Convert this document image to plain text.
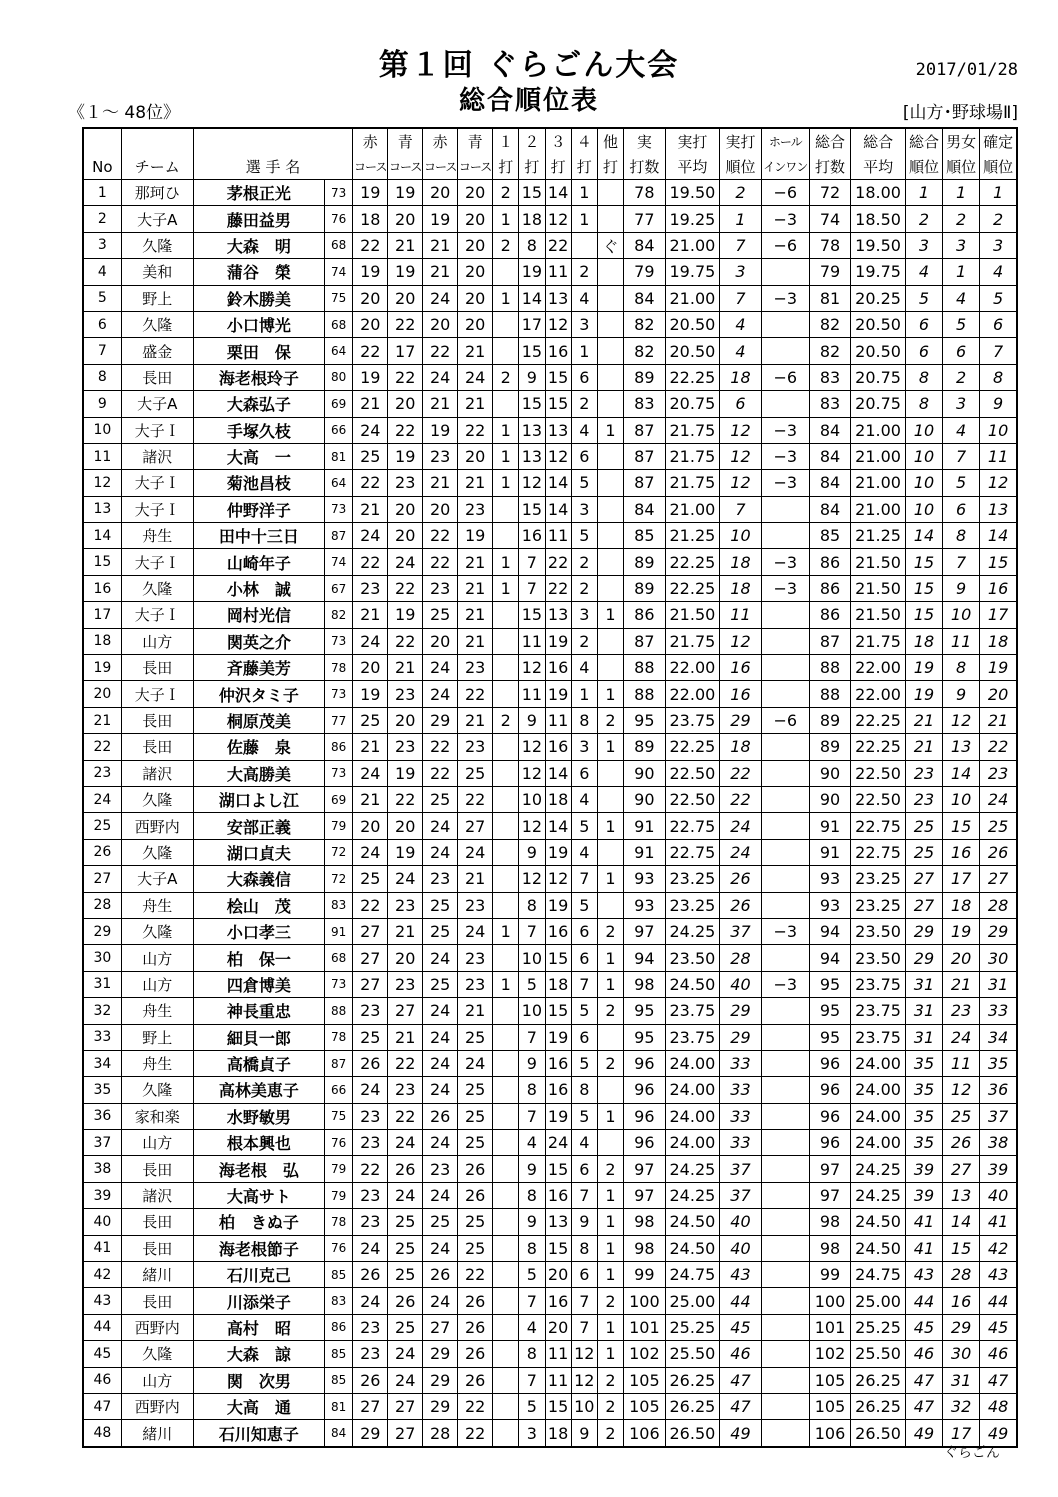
第１回 ぐらごん大会
総合順位表
2017/01/28
《１～ 48位》	[山方･野球場Ⅱ]
				赤	青	赤	青	１	２	３	４	他	実	実打	実打	ホール	総合	総合	総合	男女	確定
No	チーム	選 手 名		コース	コース	コース	コース	打	打	打	打	打	打数	平均	順位	インワン	打数	平均	順位	順位	順位
1	那珂ひ	茅根正光	73	19	19	20	20	2	15	14	1		78	19.50	2	−6	72	18.00	1	1	1
2	大子A	藤田益男	76	18	20	19	20	1	18	12	1		77	19.25	1	−3	74	18.50	2	2	2
3	久隆	大森　明	68	22	21	21	20	2	8	22		ぐ	84	21.00	7	−6	78	19.50	3	3	3
4	美和	蒲谷　榮	74	19	19	21	20		19	11	2		79	19.75	3		79	19.75	4	1	4
5	野上	鈴木勝美	75	20	20	24	20	1	14	13	4		84	21.00	7	−3	81	20.25	5	4	5
6	久隆	小口博光	68	20	22	20	20		17	12	3		82	20.50	4		82	20.50	6	5	6
7	盛金	栗田　保	64	22	17	22	21		15	16	1		82	20.50	4		82	20.50	6	6	7
8	長田	海老根玲子	80	19	22	24	24	2	9	15	6		89	22.25	18	−6	83	20.75	8	2	8
9	大子A	大森弘子	69	21	20	21	21		15	15	2		83	20.75	6		83	20.75	8	3	9
10	大子Ｉ	手塚久枝	66	24	22	19	22	1	13	13	4	1	87	21.75	12	−3	84	21.00	10	4	10
11	諸沢	大高　一	81	25	19	23	20	1	13	12	6		87	21.75	12	−3	84	21.00	10	7	11
12	大子Ｉ	菊池昌枝	64	22	23	21	21	1	12	14	5		87	21.75	12	−3	84	21.00	10	5	12
13	大子Ｉ	仲野洋子	73	21	20	20	23		15	14	3		84	21.00	7		84	21.00	10	6	13
14	舟生	田中十三日	87	24	20	22	19		16	11	5		85	21.25	10		85	21.25	14	8	14
15	大子Ｉ	山崎年子	74	22	24	22	21	1	7	22	2		89	22.25	18	−3	86	21.50	15	7	15
16	久隆	小林　誠	67	23	22	23	21	1	7	22	2		89	22.25	18	−3	86	21.50	15	9	16
17	大子Ｉ	岡村光信	82	21	19	25	21		15	13	3	1	86	21.50	11		86	21.50	15	10	17
18	山方	関英之介	73	24	22	20	21		11	19	2		87	21.75	12		87	21.75	18	11	18
19	長田	斉藤美芳	78	20	21	24	23		12	16	4		88	22.00	16		88	22.00	19	8	19
20	大子Ｉ	仲沢タミ子	73	19	23	24	22		11	19	1	1	88	22.00	16		88	22.00	19	9	20
21	長田	桐原茂美	77	25	20	29	21	2	9	11	8	2	95	23.75	29	−6	89	22.25	21	12	21
22	長田	佐藤　泉	86	21	23	22	23		12	16	3	1	89	22.25	18		89	22.25	21	13	22
23	諸沢	大高勝美	73	24	19	22	25		12	14	6		90	22.50	22		90	22.50	23	14	23
24	久隆	湖口よし江	69	21	22	25	22		10	18	4		90	22.50	22		90	22.50	23	10	24
25	西野内	安部正義	79	20	20	24	27		12	14	5	1	91	22.75	24		91	22.75	25	15	25
26	久隆	湖口貞夫	72	24	19	24	24		9	19	4		91	22.75	24		91	22.75	25	16	26
27	大子A	大森義信	72	25	24	23	21		12	12	7	1	93	23.25	26		93	23.25	27	17	27
28	舟生	桧山　茂	83	22	23	25	23		8	19	5		93	23.25	26		93	23.25	27	18	28
29	久隆	小口孝三	91	27	21	25	24	1	7	16	6	2	97	24.25	37	−3	94	23.50	29	19	29
30	山方	柏　保一	68	27	20	24	23		10	15	6	1	94	23.50	28		94	23.50	29	20	30
31	山方	四倉博美	73	27	23	25	23	1	5	18	7	1	98	24.50	40	−3	95	23.75	31	21	31
32	舟生	神長重忠	88	23	27	24	21		10	15	5	2	95	23.75	29		95	23.75	31	23	33
33	野上	細貝一郎	78	25	21	24	25		7	19	6		95	23.75	29		95	23.75	31	24	34
34	舟生	高橋貞子	87	26	22	24	24		9	16	5	2	96	24.00	33		96	24.00	35	11	35
35	久隆	高林美恵子	66	24	23	24	25		8	16	8		96	24.00	33		96	24.00	35	12	36
36	家和楽	水野敏男	75	23	22	26	25		7	19	5	1	96	24.00	33		96	24.00	35	25	37
37	山方	根本興也	76	23	24	24	25		4	24	4		96	24.00	33		96	24.00	35	26	38
38	長田	海老根　弘	79	22	26	23	26		9	15	6	2	97	24.25	37		97	24.25	39	27	39
39	諸沢	大高サト	79	23	24	24	26		8	16	7	1	97	24.25	37		97	24.25	39	13	40
40	長田	柏　きぬ子	78	23	25	25	25		9	13	9	1	98	24.50	40		98	24.50	41	14	41
41	長田	海老根節子	76	24	25	24	25		8	15	8	1	98	24.50	40		98	24.50	41	15	42
42	緒川	石川克己	85	26	25	26	22		5	20	6	1	99	24.75	43		99	24.75	43	28	43
43	長田	川添栄子	83	24	26	24	26		7	16	7	2	100	25.00	44		100	25.00	44	16	44
44	西野内	高村　昭	86	23	25	27	26		4	20	7	1	101	25.25	45		101	25.25	45	29	45
45	久隆	大森　諒	85	23	24	29	26		8	11	12	1	102	25.50	46		102	25.50	46	30	46
46	山方	関　次男	85	26	24	29	26		7	11	12	2	105	26.25	47		105	26.25	47	31	47
47	西野内	大高　通	81	27	27	29	22		5	15	10	2	105	26.25	47		105	26.25	47	32	48
48	緒川	石川知恵子	84	29	27	28	22		3	18	9	2	106	26.50	49		106	26.50	49	17	49
ぐらごん
